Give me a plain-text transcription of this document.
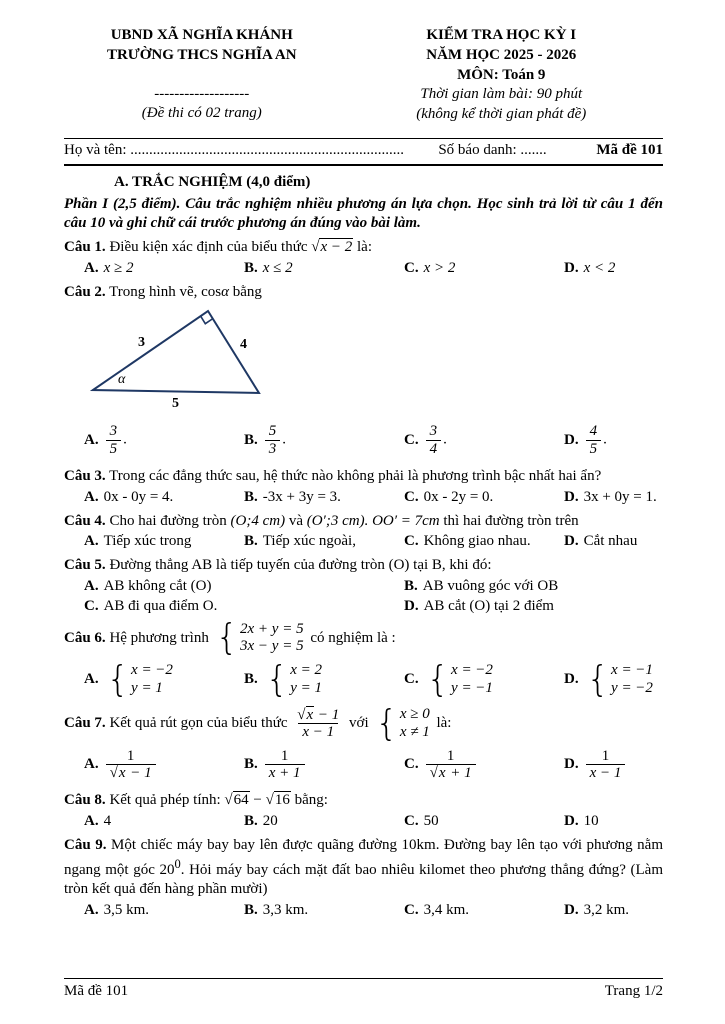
UBND XÃ NGHĨA KHÁNH
TRƯỜNG THCS NGHĨA AN
-------------------
(Đề thi có 02 trang)
KIỂM TRA HỌC KỲ I
NĂM HỌC 2025 - 2026
MÔN: Toán 9
Thời gian làm bài: 90 phút
(không kể thời gian phát đề)
Họ và tên: .........................................................................	Số báo danh: .......	Mã đề 101
A. TRẮC NGHIỆM (4,0 điểm)
Phần I (2,5 điểm). Câu trắc nghiệm nhiều phương án lựa chọn. Học sinh trả lời từ câu 1 đến câu 10 và ghi chữ cái trước phương án đúng vào bài làm.
Câu 1. Điều kiện xác định của biểu thức √ x − 2 là:
A. x ≥ 2	B. x ≤ 2	C. x > 2	D. x < 2
Câu 2. Trong hình vẽ, cosα bằng
3	4
α
5
A. $\frac{3}{5}$ .	B. $\frac{5}{3}$ .	C. $\frac{3}{4}$ .	D. $\frac{4}{5}$ .
Câu 3. Trong các đẳng thức sau, hệ thức nào không phải là phương trình bậc nhất hai ẩn?
A. 0x - 0y = 4.	B. -3x + 3y = 3.	C. 0x - 2y = 0.	D. 3x + 0y = 1.
Câu 4. Cho hai đường tròn (O;4 cm) và (O′;3 cm). OO′ = 7cm thì hai đường tròn trên
A. Tiếp xúc trong	B. Tiếp xúc ngoài,	C. Không giao nhau.	D. Cắt nhau
Câu 5. Đường thẳng AB là tiếp tuyến của đường tròn (O) tại B, khi đó:
A. AB không cắt (O)	B. AB vuông góc với OB
C. AB đi qua điểm O.	D. AB cắt (O) tại 2 điểm
Câu 6. Hệ phương trình
{ 2x + y = 5
3x − y = 5
có nghiệm là :
A.
{ x = −2
y = 1
B.
{ x = 2
y = 1
C.
{ x = −2
y = −1
D.
{ x = −1
y = −2
Câu 7. Kết quả rút gọn của biểu thức √ $\frac{x - 1}{x - 1}$ với
{ x ≥ 0
x ≠ 1
là:
A. 1
√ x − 1	B. $\frac{1}{x + 1}$	C. 1
√ x + 1	D. $\frac{1}{x - 1}$
Câu 8. Kết quả phép tính: √ 64 − √ 16 bằng:
A. 4	B. 20	C. 50	D. 10
Câu 9. Một chiếc máy bay bay lên được quãng đường 10km. Đường bay lên tạo với phương nằm ngang một góc $20^0$. Hỏi máy bay cách mặt đất bao nhiêu kilomet theo phương thẳng đứng? (Làm tròn kết quả đến hàng phần mười)
A. 3,5 km.	B. 3,3 km.	C. 3,4 km.	D. 3,2 km.
Mã đề 101	Trang 1/2
